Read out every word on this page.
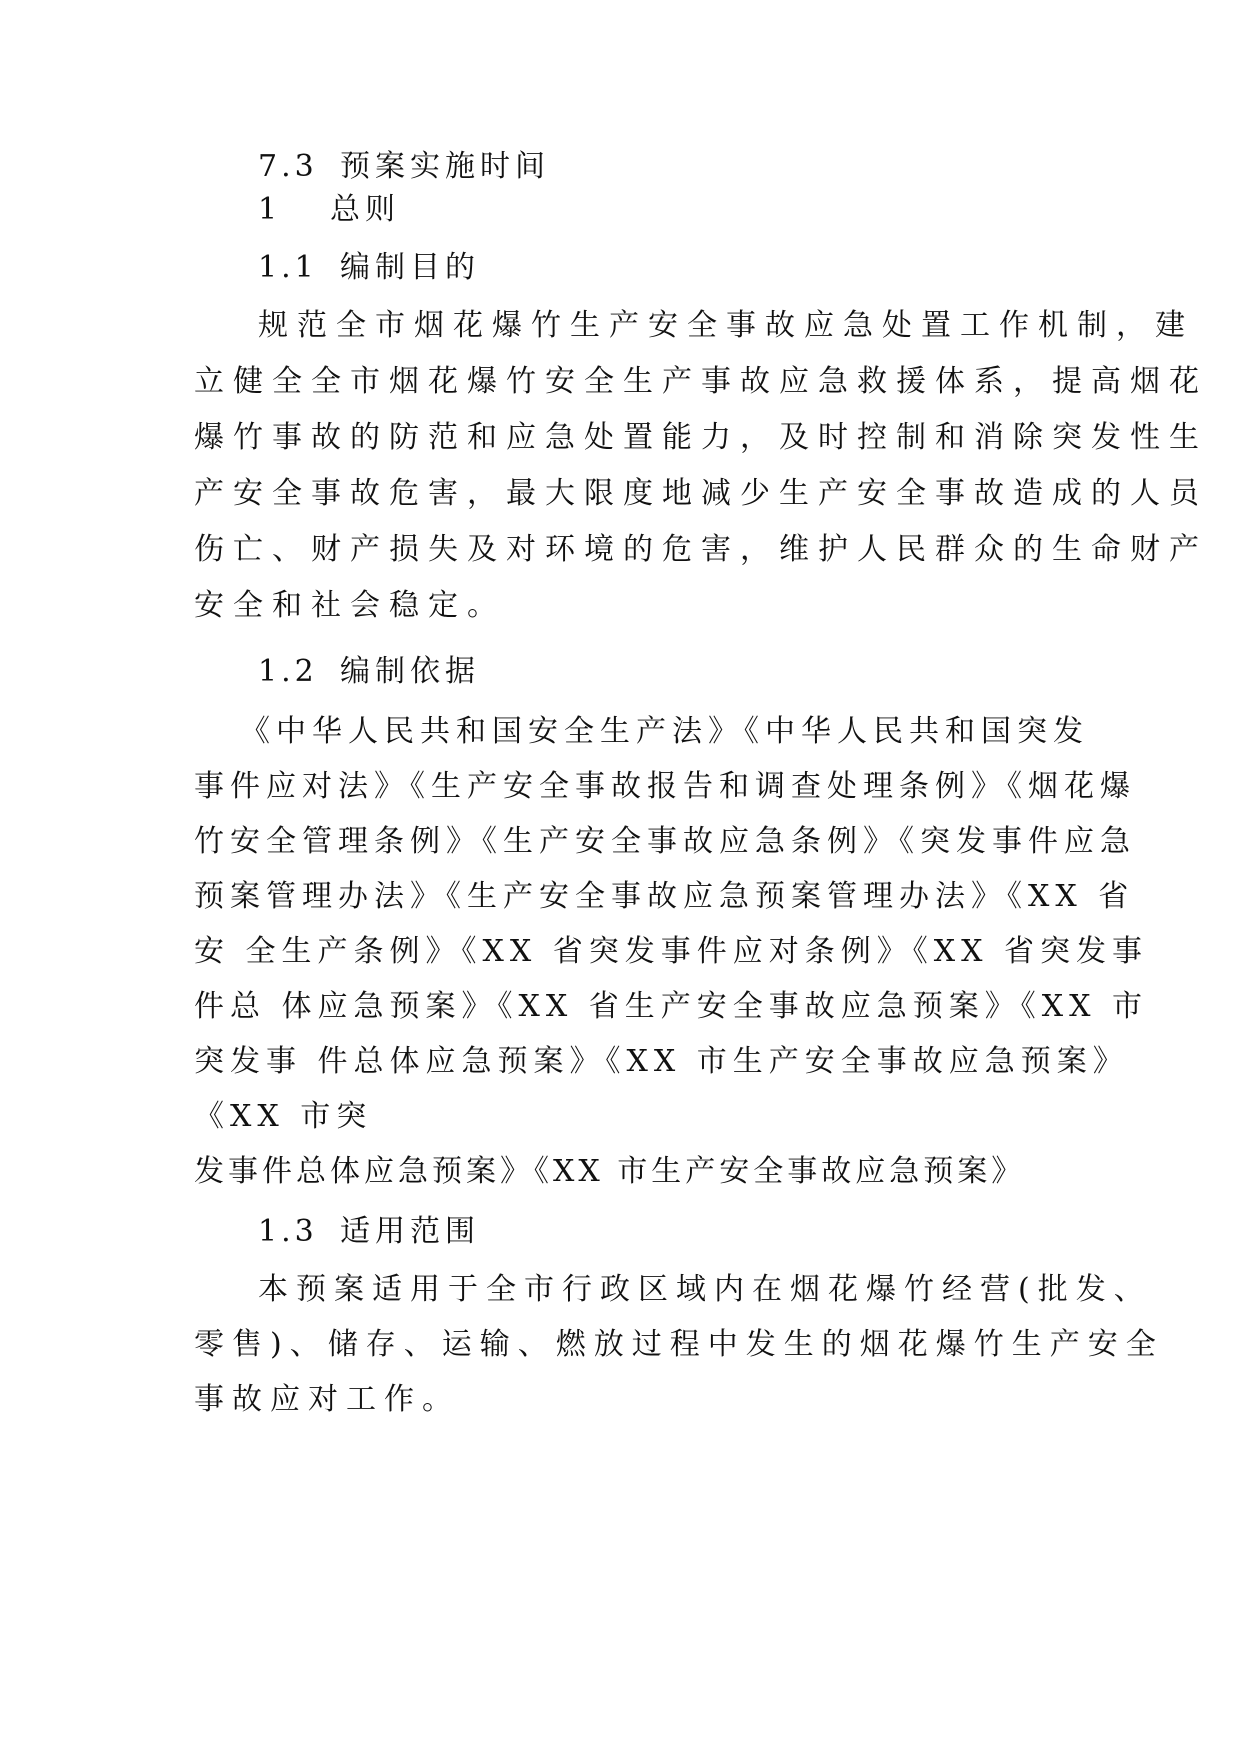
7.3 预案实施时间
1 总则
1.1 编制目的
规范全市烟花爆竹生产安全事故应急处置工作机制，建
立健全全市烟花爆竹安全生产事故应急救援体系，提高烟花
爆竹事故的防范和应急处置能力，及时控制和消除突发性生
产安全事故危害，最大限度地减少生产安全事故造成的人员
伤亡、财产损失及对环境的危害，维护人民群众的生命财产
安全和社会稳定。
1.2 编制依据
《中华人民共和国安全生产法》《中华人民共和国突发
事件应对法》《生产安全事故报告和调查处理条例》《烟花爆
竹安全管理条例》《生产安全事故应急条例》《突发事件应急
预案管理办法》《生产安全事故应急预案管理办法》《XX 省
安 全生产条例》《XX 省突发事件应对条例》《XX 省突发事
件总 体应急预案》《XX 省生产安全事故应急预案》《XX 市
突发事 件总体应急预案》《XX 市生产安全事故应急预案》
《XX 市突
发事件总体应急预案》《XX 市生产安全事故应急预案》
1.3 适用范围
本预案适用于全市行政区域内在烟花爆竹经营(批发、
零售)、储存、运输、燃放过程中发生的烟花爆竹生产安全
事故应对工作。
